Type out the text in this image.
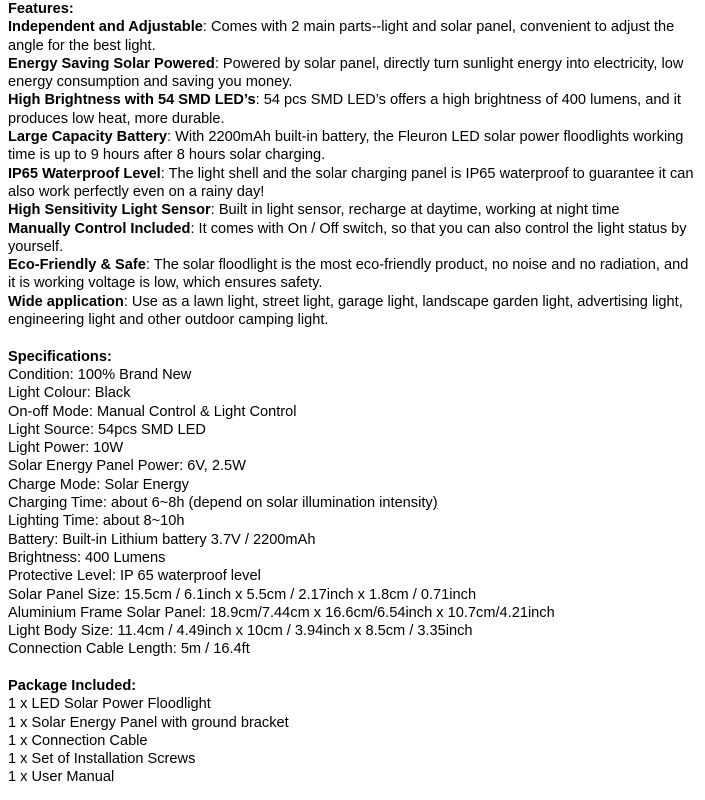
Features:

Independent and Adjustable: Comes with 2 main parts--light and solar panel, convenient to adjust the angle for the best light.

Energy Saving Solar Powered: Powered by solar panel, directly turn sunlight energy into electricity, low energy consumption and saving you money.

High Brightness with 54 SMD LED’s: 54 pcs SMD LED’s offers a high brightness of 400 lumens, and it produces low heat, more durable.

Large Capacity Battery: With 2200mAh built-in battery, the Fleuron LED solar power floodlights working time is up to 9 hours after 8 hours solar charging.

IP65 Waterproof Level: The light shell and the solar charging panel is IP65 waterproof to guarantee it can also work perfectly even on a rainy day!

High Sensitivity Light Sensor: Built in light sensor, recharge at daytime, working at night time

Manually Control Included: It comes with On / Off switch, so that you can also control the light status by yourself.

Eco-Friendly & Safe: The solar floodlight is the most eco-friendly product, no noise and no radiation, and it is working voltage is low, which ensures safety.

Wide application: Use as a lawn light, street light, garage light, landscape garden light, advertising light, engineering light and other outdoor camping light.

Specifications:

Condition: 100% Brand New
Light Colour: Black
On-off Mode: Manual Control & Light Control
Light Source: 54pcs SMD LED
Light Power: 10W
Solar Energy Panel Power: 6V, 2.5W
Charge Mode: Solar Energy
Charging Time: about 6~8h (depend on solar illumination intensity)
Lighting Time: about 8~10h
Battery: Built-in Lithium battery 3.7V / 2200mAh
Brightness: 400 Lumens
Protective Level: IP 65 waterproof level
Solar Panel Size: 15.5cm / 6.1inch x 5.5cm / 2.17inch x 1.8cm / 0.71inch
Aluminium Frame Solar Panel: 18.9cm/7.44cm x 16.6cm/6.54inch x 10.7cm/4.21inch
Light Body Size: 11.4cm / 4.49inch x 10cm / 3.94inch x 8.5cm / 3.35inch
Connection Cable Length: 5m / 16.4ft

Package Included:

1 x LED Solar Power Floodlight
1 x Solar Energy Panel with ground bracket
1 x Connection Cable
1 x Set of Installation Screws
1 x User Manual
